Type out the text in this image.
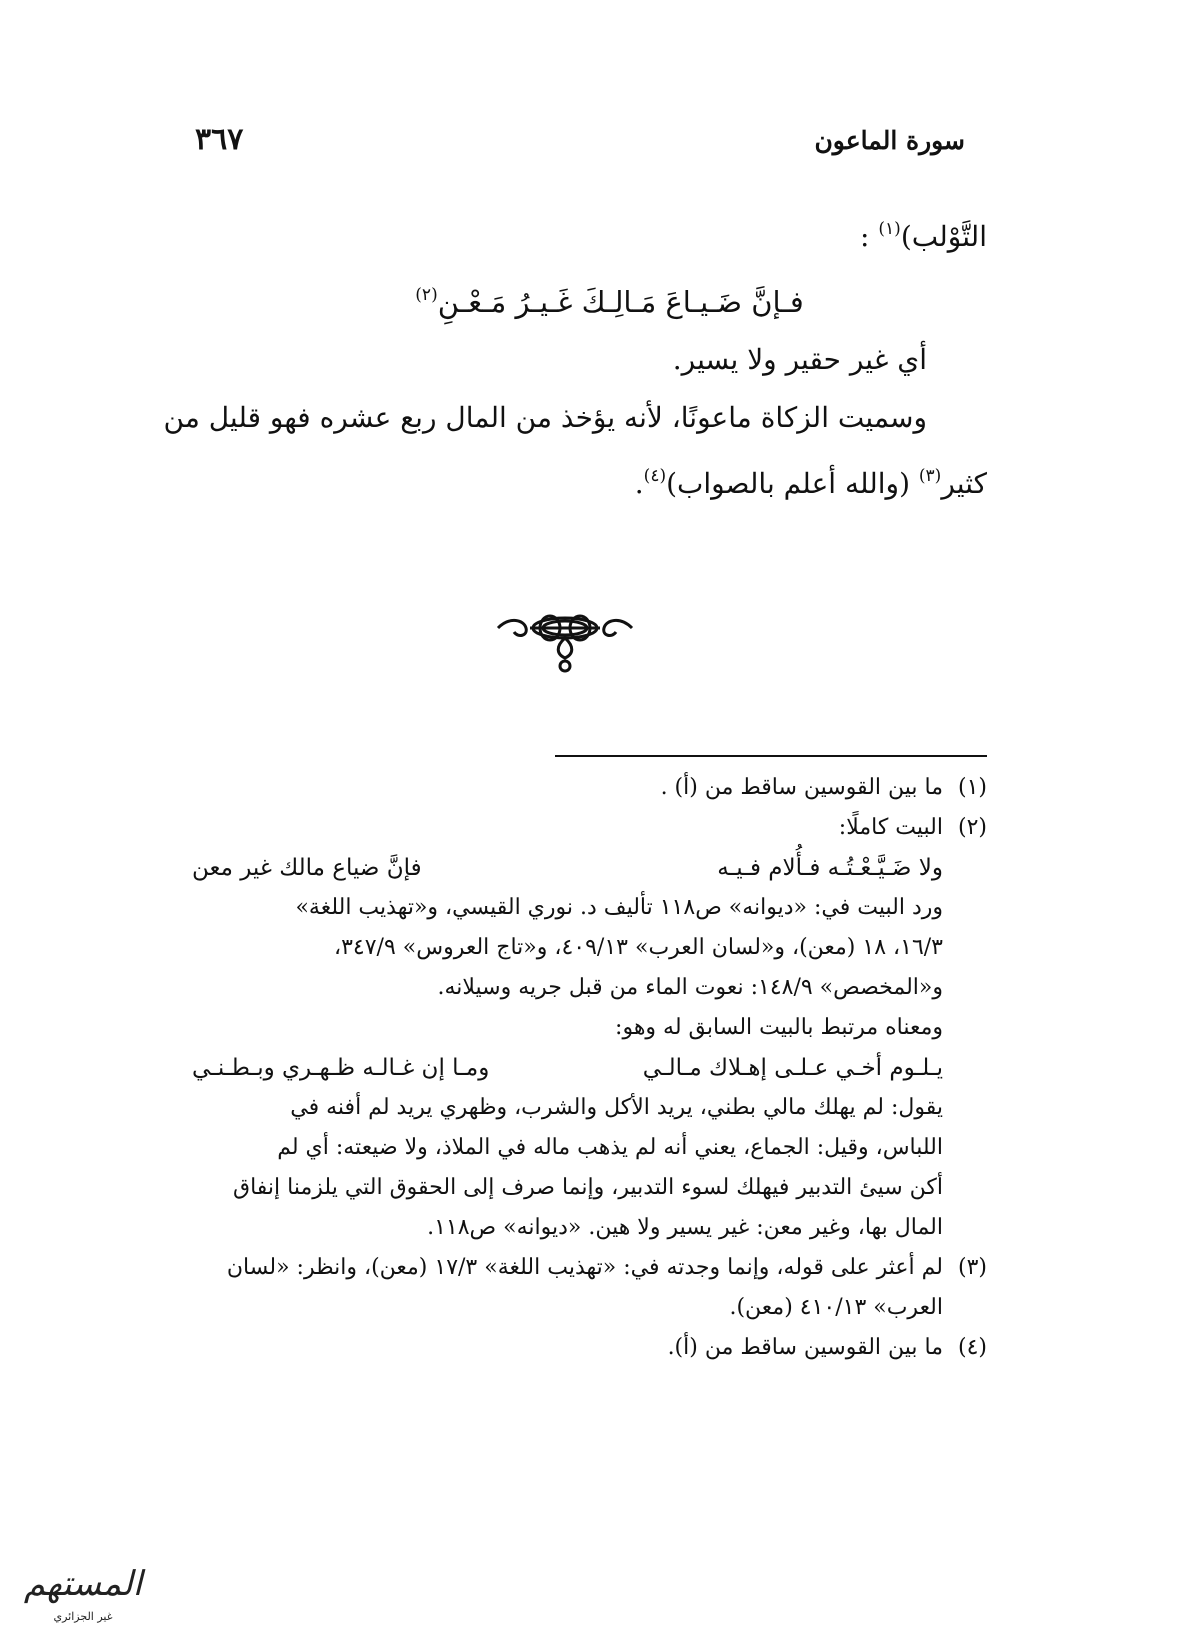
سورة الماعون
٣٦٧

التَّوْلب)$^{(١)}$ :

فـإنَّ ضَـيـاعَ مَـالِـكَ غَـيـرُ مَـعْـنِ$^{(٢)}$

أي غير حقير ولا يسير.

وسميت الزكاة ماعونًا، لأنه يؤخذ من المال ربع عشره فهو قليل من

كثير$^{(٣)}$ (والله أعلم بالصواب)$^{(٤)}$.

(١)

ما بين القوسين ساقط من (أ) .

(٢)

البيت كاملًا:

ولا ضَـيَّـعْـتُـه فـأُلام فـيـه
فإنَّ ضياع مالك غير معن

ورد البيت في: «ديوانه» ص١١٨ تأليف د. نوري القيسي، و«تهذيب اللغة»

١٦/٣، ١٨ (معن)، و«لسان العرب» ٤٠٩/١٣، و«تاج العروس» ٣٤٧/٩،

و«المخصص» ١٤٨/٩: نعوت الماء من قبل جريه وسيلانه.

ومعناه مرتبط بالبيت السابق له وهو:

يـلـوم أخـي عـلـى إهـلاك مـالـي
ومـا إن غـالـه ظـهـري وبـطـنـي

يقول: لم يهلك مالي بطني، يريد الأكل والشرب، وظهري يريد لم أفنه في

اللباس، وقيل: الجماع، يعني أنه لم يذهب ماله في الملاذ، ولا ضيعته: أي لم

أكن سيئ التدبير فيهلك لسوء التدبير، وإنما صرف إلى الحقوق التي يلزمنا إنفاق

المال بها، وغير معن: غير يسير ولا هين. «ديوانه» ص١١٨.

(٣)

لم أعثر على قوله، وإنما وجدته في: «تهذيب اللغة» ١٧/٣ (معن)، وانظر: «لسان

العرب» ٤١٠/١٣ (معن).

(٤)

ما بين القوسين ساقط من (أ).

المستهم
غير الجزائري
